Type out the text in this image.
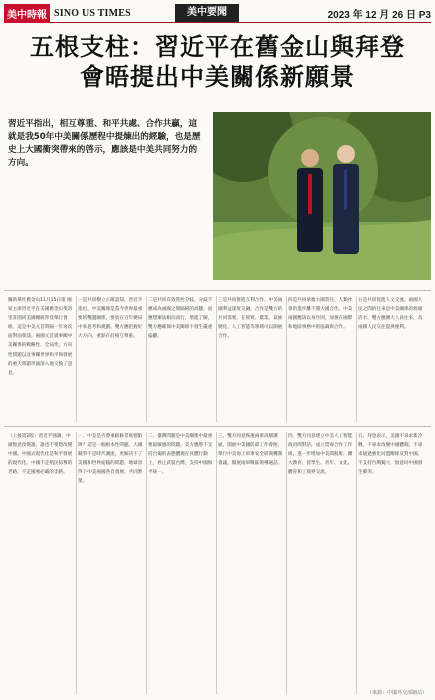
美中時報 SINO US TIMES	美中要聞	2023 年 12 月 26 日 P3
五根支柱：習近平在舊金山與拜登
會晤提出中美關係新願景
習近平指出，相互尊重、和平共處、合作共贏，這就是我50年中美關係歷程中提煉出的經驗，也是歷史上大國衝突帶來的啓示，應該是中美共同努力的方向。
據新華社舊金山11月15日電 國家主席習近平在美國舊金山斐洛里莊園同美國總統拜登舉行會晤。這是中美元首時隔一年再次面對面會談。兩國元首就事關中美關係的戰略性、全局性、方向性問題以及事關世界和平與發展的重大問題坦誠深入地交換了意見。
一是共同樹立正確認知。習近平指出，中美關係是當今世界最重要的雙邊關係，要放在百年變局中來思考和規劃。雙方應把握好大方向，重點在於相互尊重。
二是共同有效管控分歧。分歧不應成為兩國之間隔絕的高牆，而應想辦法相向而行，增進了解。雙方應確保中美關係不發生嚴重偏離。
三是共同推進互利合作。中美兩國利益深度交融，合作是雙方的共同需要。在經貿、農業、氣候變化、人工智能等領域可以開展合作。
四是共同承擔大國責任。人類社會的進步離不開大國合作。中美兩國應該以身作則，加強在國際和地區事務中的協調與合作。
五是共同促進人文交流。兩國人民之間的往來是中美關係的源頭活水，雙方應擴大人員往來，為兩國人民交往提供便利。
（上接第2版）習近平強調，中國無意改變誰，誰也不要想改變中國。中國式現代化是和平發展的現代化。中國不走殖民掠奪的老路，不走國強必霸的歪路。
一、中美是否會重蹈修昔底德陷阱？這是一個根本性問題。大國競爭不是時代潮流，更解決不了美國和世界面臨的問題。地球容得下中美兩國各自發展、共同繁榮。
二、臺灣問題是中美關係中最重要最敏感的問題。美方應將不支持台獨的表態體現在具體行動上，停止武裝台灣，支持中國和平統一。
三、雙方同意恢復兩軍高層溝通，開展中美國防部工作會晤，舉行中美海上軍事安全磋商機制會議，開展兩軍戰區領導通話。
四、雙方同意建立中美人工智能政府間對話，成立禁毒合作工作組，進一步增加中美間航班，擴大教育、留學生、青年、文化、體育和工商界交流。
五、拜登表示，美國不尋求新冷戰，不尋求改變中國體制，不尋求通過強化同盟關係反對中國，不支持台灣獨立，無意同中國發生衝突。
（來源：中國外交部網站）
